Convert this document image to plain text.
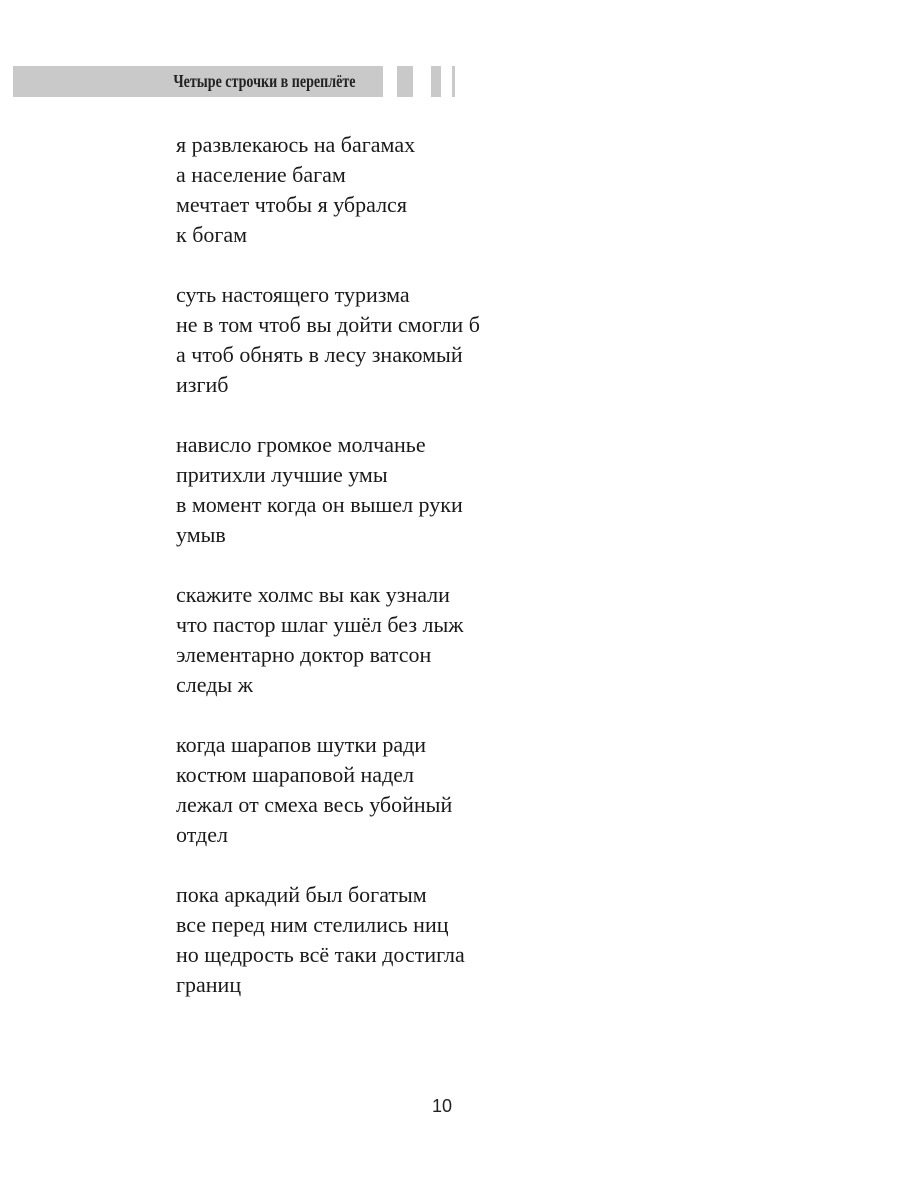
Четыре строчки в переплёте
я развлекаюсь на багамах
а население багам
мечтает чтобы я убрался
к богам
суть настоящего туризма
не в том чтоб вы дойти смогли б
а чтоб обнять в лесу знакомый
изгиб
нависло громкое молчанье
притихли лучшие умы
в момент когда он вышел руки
умыв
скажите холмс вы как узнали
что пастор шлаг ушёл без лыж
элементарно доктор ватсон
следы ж
когда шарапов шутки ради
костюм шараповой надел
лежал от смеха весь убойный
отдел
пока аркадий был богатым
все перед ним стелились ниц
но щедрость всё таки достигла
границ
10
